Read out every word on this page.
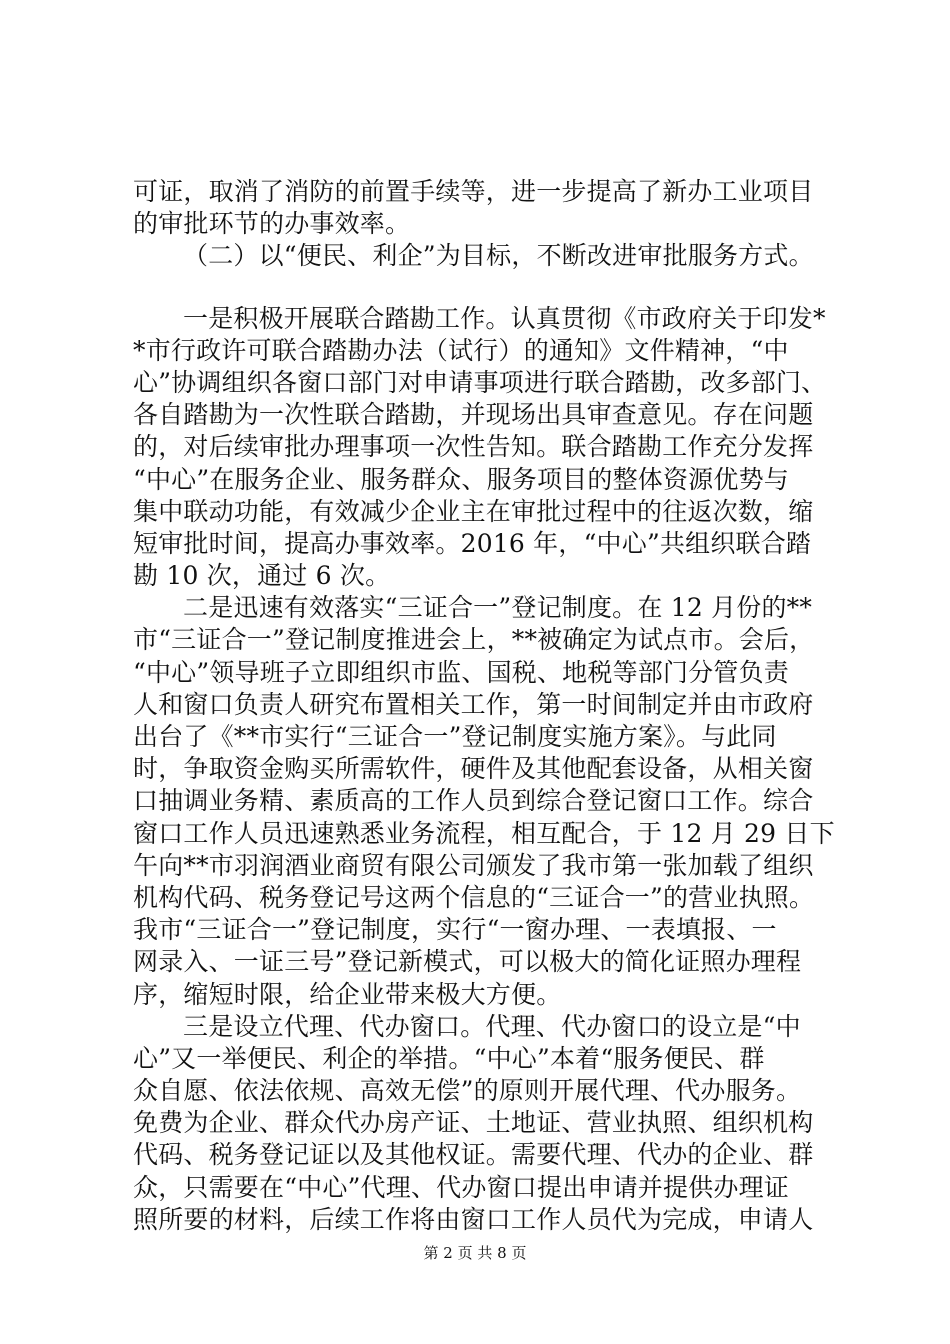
可证，取消了消防的前置手续等，进一步提高了新办工业项目
的审批环节的办事效率。
（二）以“便民、利企”为目标，不断改进审批服务方式。
一是积极开展联合踏勘工作。认真贯彻《市政府关于印发*
*市行政许可联合踏勘办法（试行）的通知》文件精神，“中
心”协调组织各窗口部门对申请事项进行联合踏勘，改多部门、
各自踏勘为一次性联合踏勘，并现场出具审查意见。存在问题
的，对后续审批办理事项一次性告知。联合踏勘工作充分发挥
“中心”在服务企业、服务群众、服务项目的整体资源优势与
集中联动功能，有效减少企业主在审批过程中的往返次数，缩
短审批时间，提高办事效率。2016 年，“中心”共组织联合踏
勘 10 次，通过 6 次。
二是迅速有效落实“三证合一”登记制度。在 12 月份的**
市“三证合一”登记制度推进会上，**被确定为试点市。会后，
“中心”领导班子立即组织市监、国税、地税等部门分管负责
人和窗口负责人研究布置相关工作，第一时间制定并由市政府
出台了《**市实行“三证合一”登记制度实施方案》。与此同
时，争取资金购买所需软件，硬件及其他配套设备，从相关窗
口抽调业务精、素质高的工作人员到综合登记窗口工作。综合
窗口工作人员迅速熟悉业务流程，相互配合，于 12 月 29 日下
午向**市羽润酒业商贸有限公司颁发了我市第一张加载了组织
机构代码、税务登记号这两个信息的“三证合一”的营业执照。
我市“三证合一”登记制度，实行“一窗办理、一表填报、一
网录入、一证三号”登记新模式，可以极大的简化证照办理程
序，缩短时限，给企业带来极大方便。
三是设立代理、代办窗口。代理、代办窗口的设立是“中
心”又一举便民、利企的举措。“中心”本着“服务便民、群
众自愿、依法依规、高效无偿”的原则开展代理、代办服务。
免费为企业、群众代办房产证、土地证、营业执照、组织机构
代码、税务登记证以及其他权证。需要代理、代办的企业、群
众，只需要在“中心”代理、代办窗口提出申请并提供办理证
照所要的材料，后续工作将由窗口工作人员代为完成，申请人
第 2 页 共 8 页
